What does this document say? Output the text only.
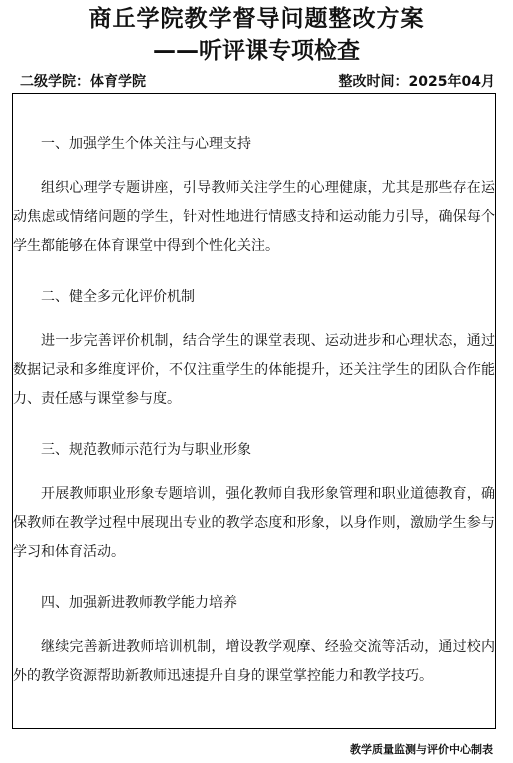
商丘学院教学督导问题整改方案
——听评课专项检查
二级学院：体育学院	整改时间：2025年04月

一、加强学生个体关注与心理支持

组织心理学专题讲座，引导教师关注学生的心理健康，尤其是那些存在运动焦虑或情绪问题的学生，针对性地进行情感支持和运动能力引导，确保每个学生都能够在体育课堂中得到个性化关注。

二、健全多元化评价机制

进一步完善评价机制，结合学生的课堂表现、运动进步和心理状态，通过数据记录和多维度评价，不仅注重学生的体能提升，还关注学生的团队合作能力、责任感与课堂参与度。

三、规范教师示范行为与职业形象

开展教师职业形象专题培训，强化教师自我形象管理和职业道德教育，确保教师在教学过程中展现出专业的教学态度和形象，以身作则，激励学生参与学习和体育活动。

四、加强新进教师教学能力培养

继续完善新进教师培训机制，增设教学观摩、经验交流等活动，通过校内外的教学资源帮助新教师迅速提升自身的课堂掌控能力和教学技巧。

教学质量监测与评价中心制表
